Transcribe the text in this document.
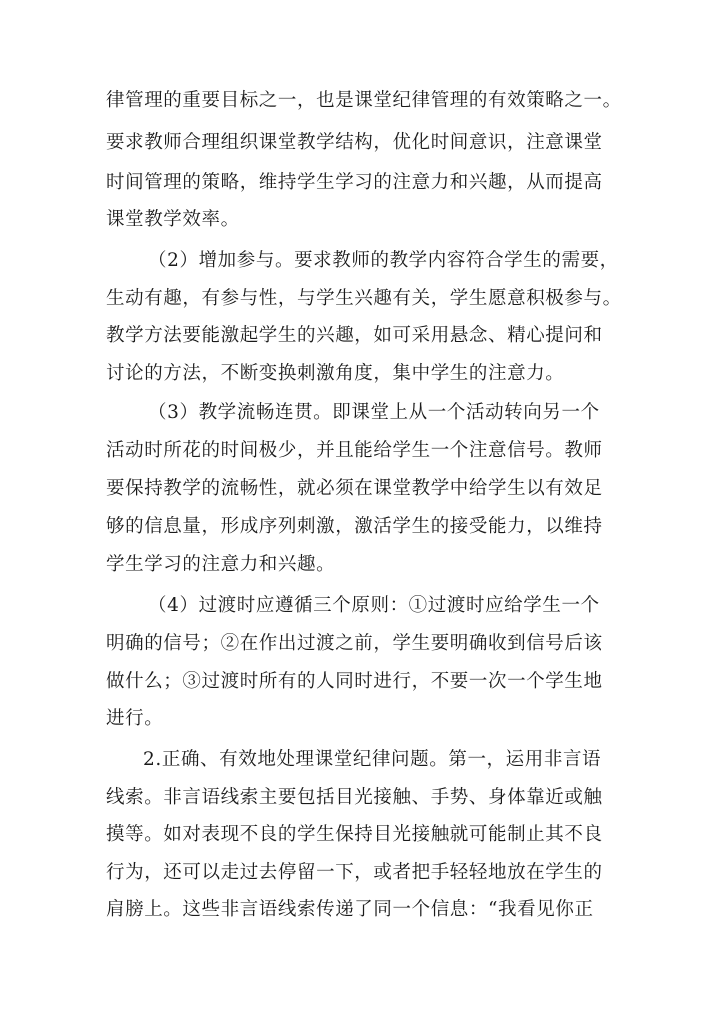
律管理的重要目标之一，也是课堂纪律管理的有效策略之一。
要求教师合理组织课堂教学结构，优化时间意识，注意课堂
时间管理的策略，维持学生学习的注意力和兴趣，从而提高
课堂教学效率。
（2）增加参与。要求教师的教学内容符合学生的需要，
生动有趣，有参与性，与学生兴趣有关，学生愿意积极参与。
教学方法要能激起学生的兴趣，如可采用悬念、精心提问和
讨论的方法，不断变换刺激角度，集中学生的注意力。
（3）教学流畅连贯。即课堂上从一个活动转向另一个
活动时所花的时间极少，并且能给学生一个注意信号。教师
要保持教学的流畅性，就必须在课堂教学中给学生以有效足
够的信息量，形成序列刺激，激活学生的接受能力，以维持
学生学习的注意力和兴趣。
（4）过渡时应遵循三个原则：①过渡时应给学生一个
明确的信号；②在作出过渡之前，学生要明确收到信号后该
做什么；③过渡时所有的人同时进行，不要一次一个学生地
进行。
2.正确、有效地处理课堂纪律问题。第一，运用非言语
线索。非言语线索主要包括目光接触、手势、身体靠近或触
摸等。如对表现不良的学生保持目光接触就可能制止其不良
行为，还可以走过去停留一下，或者把手轻轻地放在学生的
肩膀上。这些非言语线索传递了同一个信息：“我看见你正
